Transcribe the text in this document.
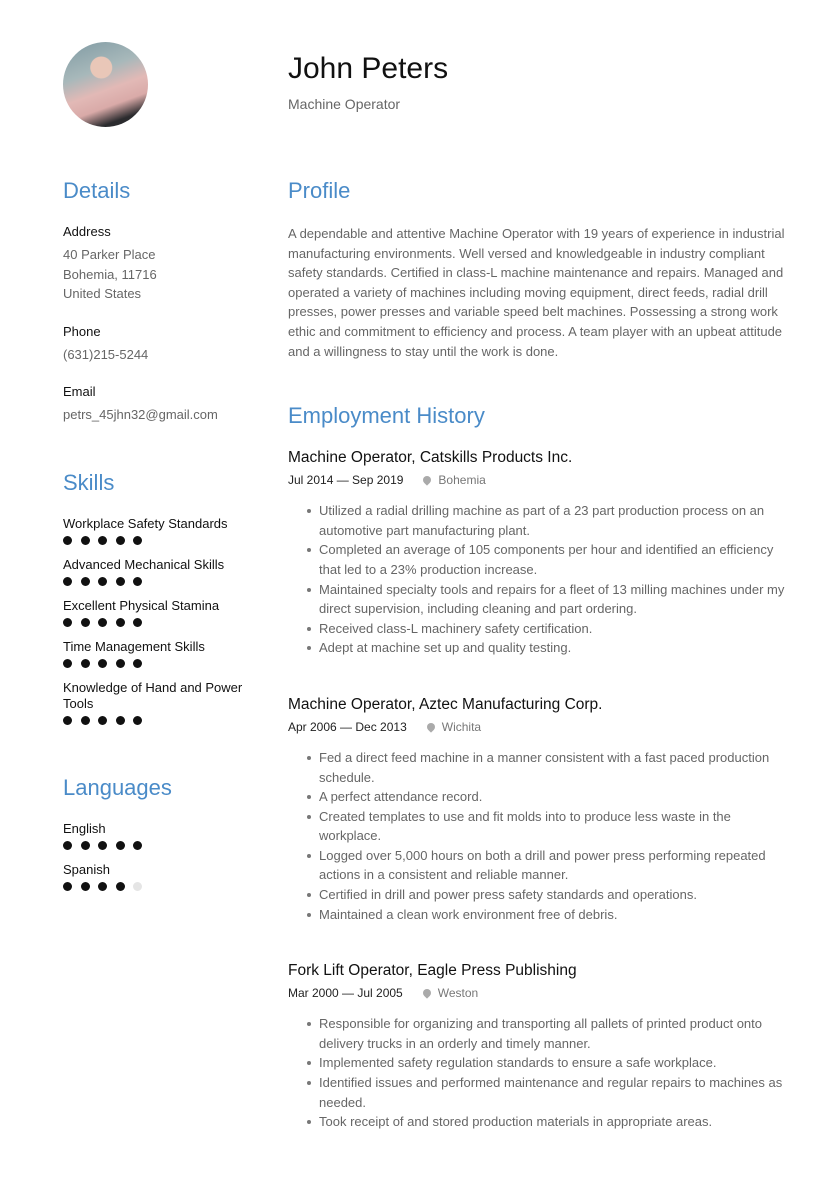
John Peters
Machine Operator
Details
Address
40 Parker Place
Bohemia, 11716
United States
Phone
(631)215-5244
Email
petrs_45jhn32@gmail.com
Skills
Workplace Safety Standards
Advanced Mechanical Skills
Excellent Physical Stamina
Time Management Skills
Knowledge of Hand and Power Tools
Languages
English
Spanish
Profile
A dependable and attentive Machine Operator with 19 years of experience in industrial manufacturing environments. Well versed and knowledgeable in industry compliant safety standards. Certified in class-L machine maintenance and repairs. Managed and operated a variety of machines including moving equipment, direct feeds, radial drill presses, power presses and variable speed belt machines. Possessing a strong work ethic and commitment to efficiency and process. A team player with an upbeat attitude and a willingness to stay until the work is done.
Employment History
Machine Operator, Catskills Products Inc.
Jul 2014 — Sep 2019	Bohemia
Utilized a radial drilling machine as part of a 23 part production process on an automotive part manufacturing plant.
Completed an average of 105 components per hour and identified an efficiency that led to a 23% production increase.
Maintained specialty tools and repairs for a fleet of 13 milling machines under my direct supervision, including cleaning and part ordering.
Received class-L machinery safety certification.
Adept at machine set up and quality testing.
Machine Operator, Aztec Manufacturing Corp.
Apr 2006 — Dec 2013	Wichita
Fed a direct feed machine in a manner consistent with a fast paced production schedule.
A perfect attendance record.
Created templates to use and fit molds into to produce less waste in the workplace.
Logged over 5,000 hours on both a drill and power press performing repeated actions in a consistent and reliable manner.
Certified in drill and power press safety standards and operations.
Maintained a clean work environment free of debris.
Fork Lift Operator, Eagle Press Publishing
Mar 2000 — Jul 2005	Weston
Responsible for organizing and transporting all pallets of printed product onto delivery trucks in an orderly and timely manner.
Implemented safety regulation standards to ensure a safe workplace.
Identified issues and performed maintenance and regular repairs to machines as needed.
Took receipt of and stored production materials in appropriate areas.
